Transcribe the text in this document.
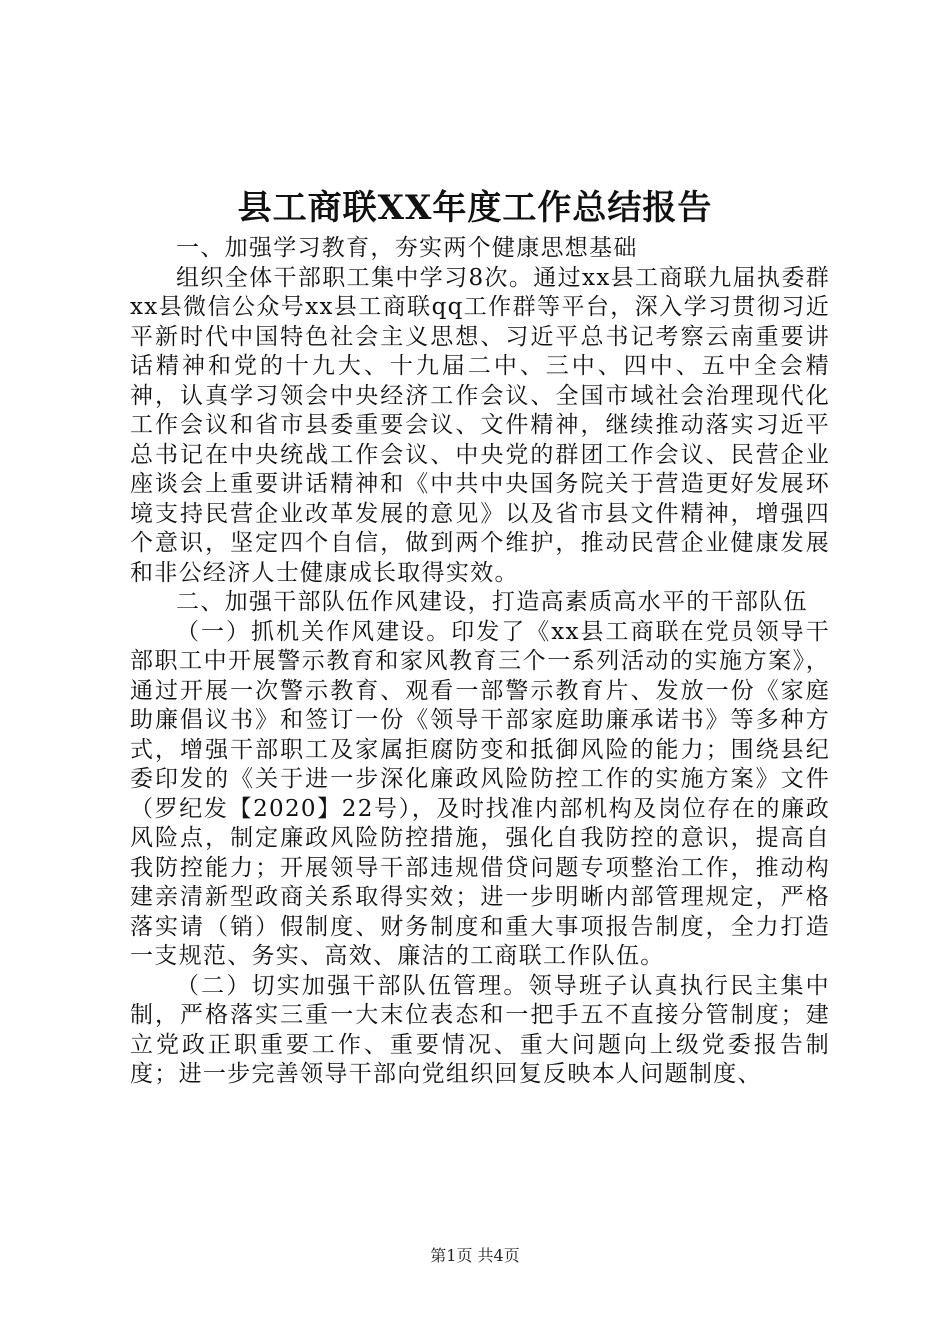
县工商联XX年度工作总结报告

一、加强学习教育，夯实两个健康思想基础

组织全体干部职工集中学习8次。通过xx县工商联九届执委群xx县微信公众号xx县工商联qq工作群等平台，深入学习贯彻习近平新时代中国特色社会主义思想、习近平总书记考察云南重要讲话精神和党的十九大、十九届二中、三中、四中、五中全会精神，认真学习领会中央经济工作会议、全国市域社会治理现代化工作会议和省市县委重要会议、文件精神，继续推动落实习近平总书记在中央统战工作会议、中央党的群团工作会议、民营企业座谈会上重要讲话精神和《中共中央国务院关于营造更好发展环境支持民营企业改革发展的意见》以及省市县文件精神，增强四个意识，坚定四个自信，做到两个维护，推动民营企业健康发展和非公经济人士健康成长取得实效。

二、加强干部队伍作风建设，打造高素质高水平的干部队伍

（一）抓机关作风建设。印发了《xx县工商联在党员领导干部职工中开展警示教育和家风教育三个一系列活动的实施方案》，通过开展一次警示教育、观看一部警示教育片、发放一份《家庭助廉倡议书》和签订一份《领导干部家庭助廉承诺书》等多种方式，增强干部职工及家属拒腐防变和抵御风险的能力；围绕县纪委印发的《关于进一步深化廉政风险防控工作的实施方案》文件（罗纪发【2020】22号），及时找准内部机构及岗位存在的廉政风险点，制定廉政风险防控措施，强化自我防控的意识，提高自我防控能力；开展领导干部违规借贷问题专项整治工作，推动构建亲清新型政商关系取得实效；进一步明晰内部管理规定，严格落实请（销）假制度、财务制度和重大事项报告制度，全力打造一支规范、务实、高效、廉洁的工商联工作队伍。

（二）切实加强干部队伍管理。领导班子认真执行民主集中制，严格落实三重一大末位表态和一把手五不直接分管制度；建立党政正职重要工作、重要情况、重大问题向上级党委报告制度；进一步完善领导干部向党组织回复反映本人问题制度、

第1页 共4页
